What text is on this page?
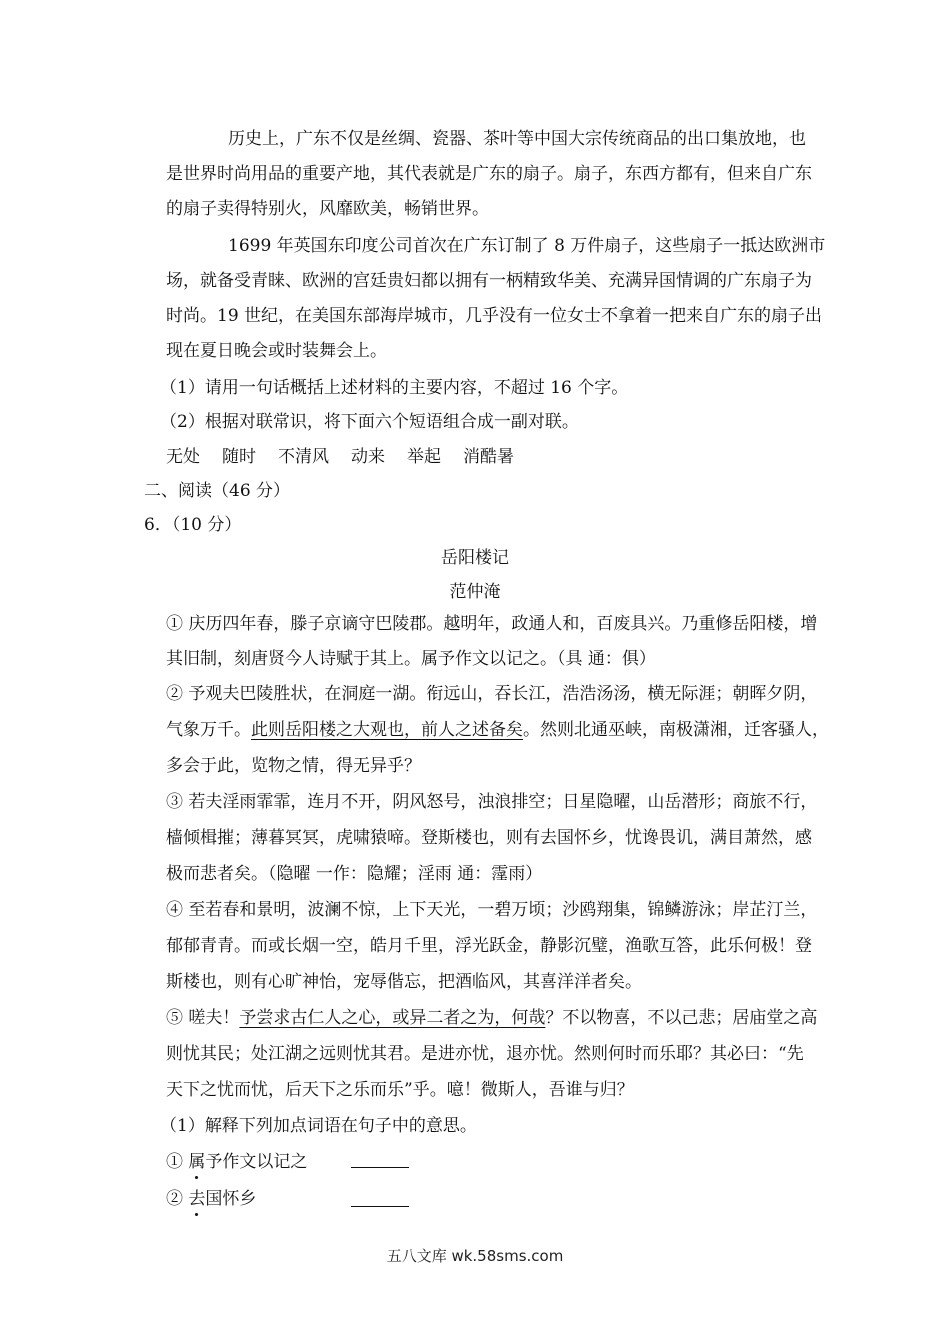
历史上，广东不仅是丝绸、瓷器、茶叶等中国大宗传统商品的出口集放地，也
是世界时尚用品的重要产地，其代表就是广东的扇子。扇子，东西方都有，但来自广东
的扇子卖得特别火，风靡欧美，畅销世界。
1699 年英国东印度公司首次在广东订制了 8 万件扇子，这些扇子一抵达欧洲市
场，就备受青睐、欧洲的宫廷贵妇都以拥有一柄精致华美、充满异国情调的广东扇子为
时尚。19 世纪，在美国东部海岸城市，几乎没有一位女士不拿着一把来自广东的扇子出
现在夏日晚会或时装舞会上。
（1）请用一句话概括上述材料的主要内容，不超过 16 个字。
（2）根据对联常识，将下面六个短语组合成一副对联。
无处 随时 不清风 动来 举起 消酷暑
二、阅读（46 分）
6．（10 分）
岳阳楼记
范仲淹
① 庆历四年春，滕子京谪守巴陵郡。越明年，政通人和，百废具兴。乃重修岳阳楼，增
其旧制，刻唐贤今人诗赋于其上。属予作文以记之。（具 通：俱）
② 予观夫巴陵胜状，在洞庭一湖。衔远山，吞长江，浩浩汤汤，横无际涯；朝晖夕阴，
气象万千。此则岳阳楼之大观也，前人之述备矣。然则北通巫峡，南极潇湘，迁客骚人，
多会于此，览物之情，得无异乎？
③ 若夫淫雨霏霏，连月不开，阴风怒号，浊浪排空；日星隐曜，山岳潜形；商旅不行，
樯倾楫摧；薄暮冥冥，虎啸猿啼。登斯楼也，则有去国怀乡，忧谗畏讥，满目萧然，感
极而悲者矣。（隐曜 一作：隐耀；淫雨 通：霪雨）
④ 至若春和景明，波澜不惊，上下天光，一碧万顷；沙鸥翔集，锦鳞游泳；岸芷汀兰，
郁郁青青。而或长烟一空，皓月千里，浮光跃金，静影沉璧，渔歌互答，此乐何极！登
斯楼也，则有心旷神怡，宠辱偕忘，把酒临风，其喜洋洋者矣。
⑤ 嗟夫！予尝求古仁人之心，或异二者之为，何哉？不以物喜，不以己悲；居庙堂之高
则忧其民；处江湖之远则忧其君。是进亦忧，退亦忧。然则何时而乐耶？其必曰：“先
天下之忧而忧，后天下之乐而乐”乎。噫！微斯人，吾谁与归？
（1）解释下列加点词语在句子中的意思。
① 属予作文以记之
② 去国怀乡
五八文库 wk.58sms.com
